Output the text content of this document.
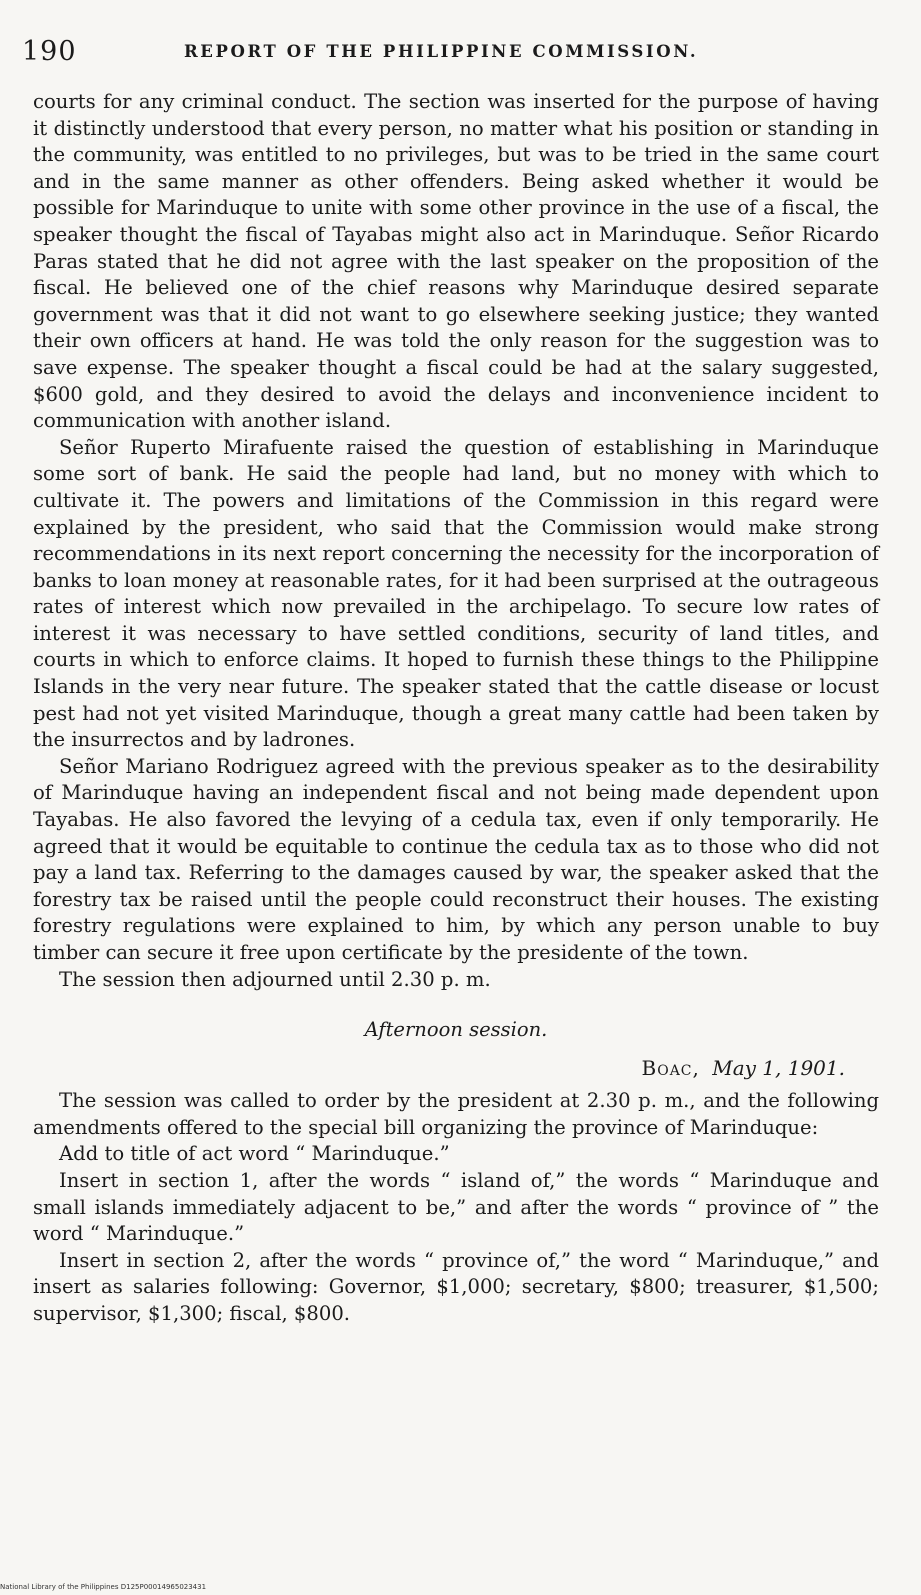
190	REPORT OF THE PHILIPPINE COMMISSION.

courts for any criminal conduct. The section was inserted for the purpose of having it distinctly understood that every person, no matter what his position or standing in the community, was entitled to no privileges, but was to be tried in the same court and in the same manner as other offenders. Being asked whether it would be possible for Marinduque to unite with some other province in the use of a fiscal, the speaker thought the fiscal of Tayabas might also act in Marinduque. Señor Ricardo Paras stated that he did not agree with the last speaker on the proposition of the fiscal. He believed one of the chief reasons why Marinduque desired separate government was that it did not want to go elsewhere seeking justice; they wanted their own officers at hand. He was told the only reason for the suggestion was to save expense. The speaker thought a fiscal could be had at the salary suggested, $600 gold, and they desired to avoid the delays and inconvenience incident to communication with another island.

Señor Ruperto Mirafuente raised the question of establishing in Marinduque some sort of bank. He said the people had land, but no money with which to cultivate it. The powers and limitations of the Commission in this regard were explained by the president, who said that the Commission would make strong recommendations in its next report concerning the necessity for the incorporation of banks to loan money at reasonable rates, for it had been surprised at the outrageous rates of interest which now prevailed in the archipelago. To secure low rates of interest it was necessary to have settled conditions, security of land titles, and courts in which to enforce claims. It hoped to furnish these things to the Philippine Islands in the very near future. The speaker stated that the cattle disease or locust pest had not yet visited Marinduque, though a great many cattle had been taken by the insurrectos and by ladrones.

Señor Mariano Rodriguez agreed with the previous speaker as to the desirability of Marinduque having an independent fiscal and not being made dependent upon Tayabas. He also favored the levying of a cedula tax, even if only temporarily. He agreed that it would be equitable to continue the cedula tax as to those who did not pay a land tax. Referring to the damages caused by war, the speaker asked that the forestry tax be raised until the people could reconstruct their houses. The existing forestry regulations were explained to him, by which any person unable to buy timber can secure it free upon certificate by the presidente of the town.

The session then adjourned until 2.30 p. m.

Afternoon session.

Boac, May 1, 1901.

The session was called to order by the president at 2.30 p. m., and the following amendments offered to the special bill organizing the province of Marinduque:

Add to title of act word “ Marinduque.”

Insert in section 1, after the words “ island of,” the words “ Marinduque and small islands immediately adjacent to be,” and after the words “ province of ” the word “ Marinduque.”

Insert in section 2, after the words “ province of,” the word “ Marinduque,” and insert as salaries following: Governor, $1,000; secretary, $800; treasurer, $1,500; supervisor, $1,300; fiscal, $800.

National Library of the Philippines D125P00014965023431
